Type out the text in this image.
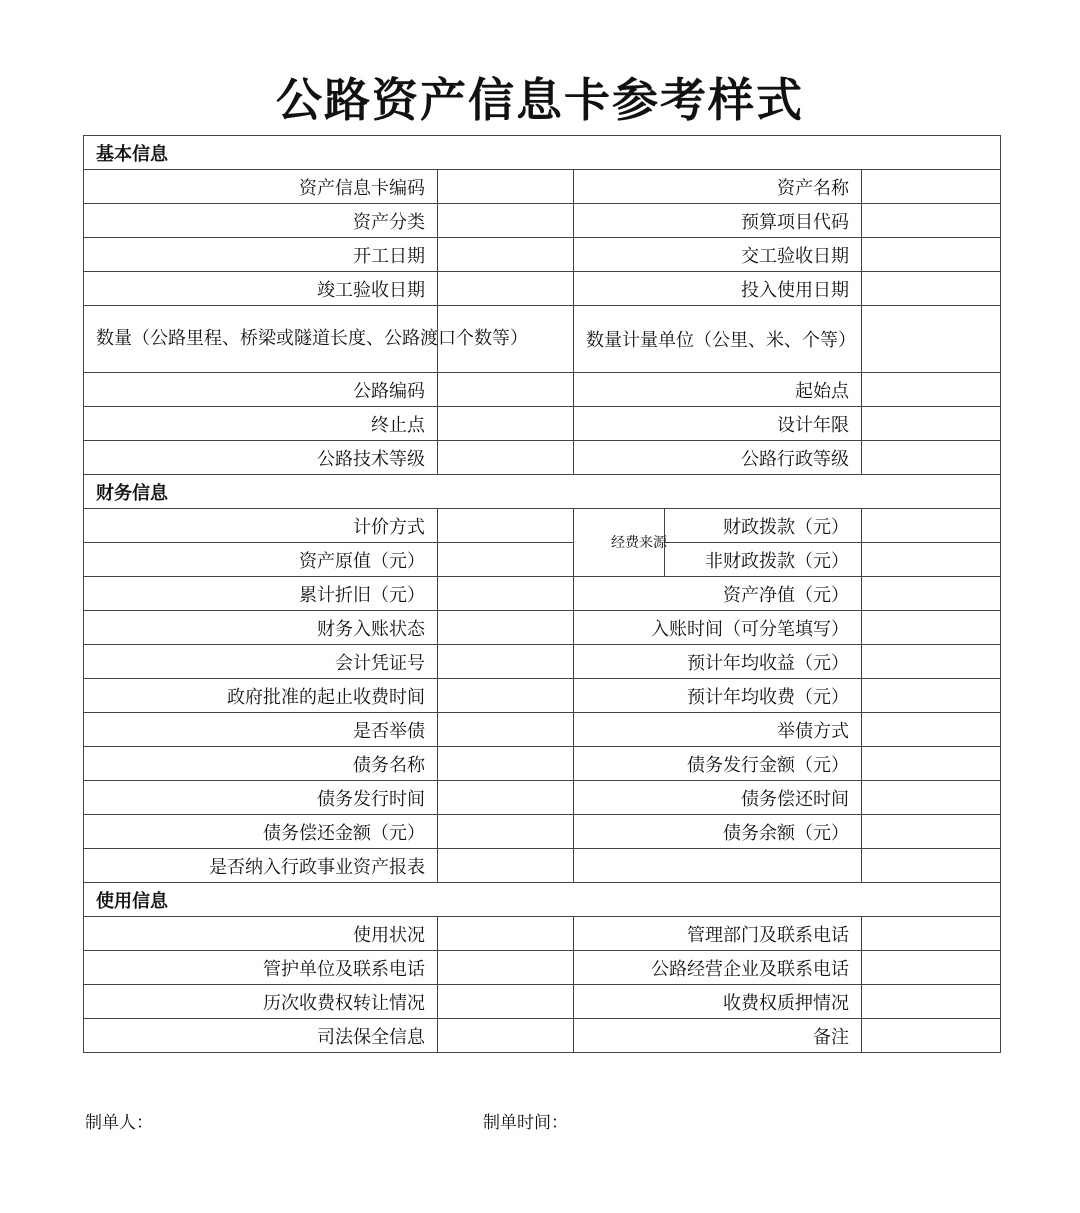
公路资产信息卡参考样式
基本信息				
资产信息卡编码		资产名称		
资产分类		预算项目代码		
开工日期		交工验收日期		
竣工验收日期		投入使用日期		
数量（公路里程、桥梁或隧道长度、公路渡口个数等）		数量计量单位（公里、米、个等）		
公路编码		起始点		
终止点		设计年限		
公路技术等级		公路行政等级		
财务信息				
计价方式		经费来源	财政拨款（元）	
资产原值（元）			非财政拨款（元）	
累计折旧（元）		资产净值（元）		
财务入账状态		入账时间（可分笔填写）		
会计凭证号		预计年均收益（元）		
政府批准的起止收费时间		预计年均收费（元）		
是否举债		举债方式		
债务名称		债务发行金额（元）		
债务发行时间		债务偿还时间		
债务偿还金额（元）		债务余额（元）		
是否纳入行政事业资产报表				
使用信息				
使用状况		管理部门及联系电话		
管护单位及联系电话		公路经营企业及联系电话		
历次收费权转让情况		收费权质押情况		
司法保全信息		备注		
制单人：	制单时间：
